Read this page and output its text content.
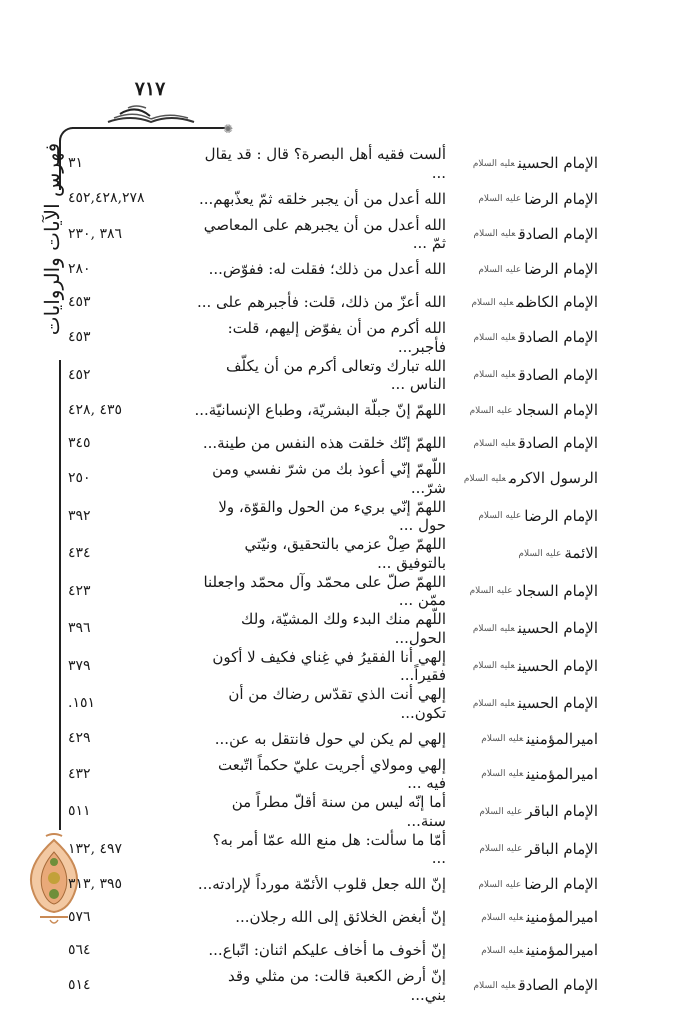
٧١٧
✺
فهرس الآيات والروايات	الإمام الحسينعليه السلام
ألست فقيه أهل البصرة؟ قال : قد يقال ...
٣١
الإمام الرضاعليه السلام
الله أعدل من أن يجبر خلقه ثمّ يعذّبهم...
٤٥٢,٤٢٨,٢٧٨
الإمام الصادقعليه السلام
الله أعدل من أن يجبرهم على المعاصي ثمّ ...
٣٨٦ ,٢٣٠
الإمام الرضاعليه السلام
الله أعدل من ذلك؛ فقلت له: ففوّض...
٢٨٠
الإمام الكاظمعليه السلام
الله أعزّ من ذلك، قلت: فأجبرهم على ...
٤٥٣
الإمام الصادقعليه السلام
الله أكرم من أن يفوّض إليهم، قلت: فأجبر...
٤٥٣
الإمام الصادقعليه السلام
الله تبارك وتعالى أكرم من أن يكلّف الناس ...
٤٥٢
الإمام السجادعليه السلام
اللهمّ إنّ جبلّة البشريّة، وطباع الإنسانيّة...
٤٣٥ ,٤٢٨
الإمام الصادقعليه السلام
اللهمّ إنّك خلقت هذه النفس من طينة...
٣٤٥
الرسول الاكرمعليه السلام
اللّهمّ إنّي أعوذ بك من شرّ نفسي ومن شرّ...
٢٥٠
الإمام الرضاعليه السلام
اللهمّ إنّي بريء من الحول والقوّة، ولا حول ...
٣٩٢
الائمةعليه السلام
اللهمّ صِلْ عزمي بالتحقيق، ونيّتي بالتوفيق ...
٤٣٤
الإمام السجادعليه السلام
اللهمّ صلّ على محمّد وآل محمّد واجعلنا ممّن ...
٤٢٣
الإمام الحسينعليه السلام
اللّهم منك البدء ولك المشيّة، ولك الحول...
٣٩٦
الإمام الحسينعليه السلام
إلهي أنا الفقيرُ في غِناي فكيف لا أكون فقيراً...
٣٧٩
الإمام الحسينعليه السلام
إلهي أنت الذي تقدّس رضاك من أن تكون...
١٥١.
اميرالمؤمنينعليه السلام
إلهي لم يكن لي حول فانتقل به عن...
٤٢٩
اميرالمؤمنينعليه السلام
إلهي ومولاي أجريت عليّ حكماً اتّبعت فيه ...
٤٣٢
الإمام الباقرعليه السلام
أما إنّه ليس من سنة أقلّ مطراً من سنة...
٥١١
الإمام الباقرعليه السلام
أمّا ما سألت: هل منع الله عمّا أمر به؟ ...
٤٩٧ ,١٣٢
الإمام الرضاعليه السلام
إنّ الله جعل قلوب الأئمّة مورداً لإرادته...
٣٩٥ ,٣١٣
اميرالمؤمنينعليه السلام
إنّ أبغض الخلائق إلى الله رجلان...
٥٧٦
اميرالمؤمنينعليه السلام
إنّ أخوف ما أخاف عليكم اثنان: اتّباع...
٥٦٤
الإمام الصادقعليه السلام
إنّ أرض الكعبة قالت: من مثلي وقد بني...
٥١٤
